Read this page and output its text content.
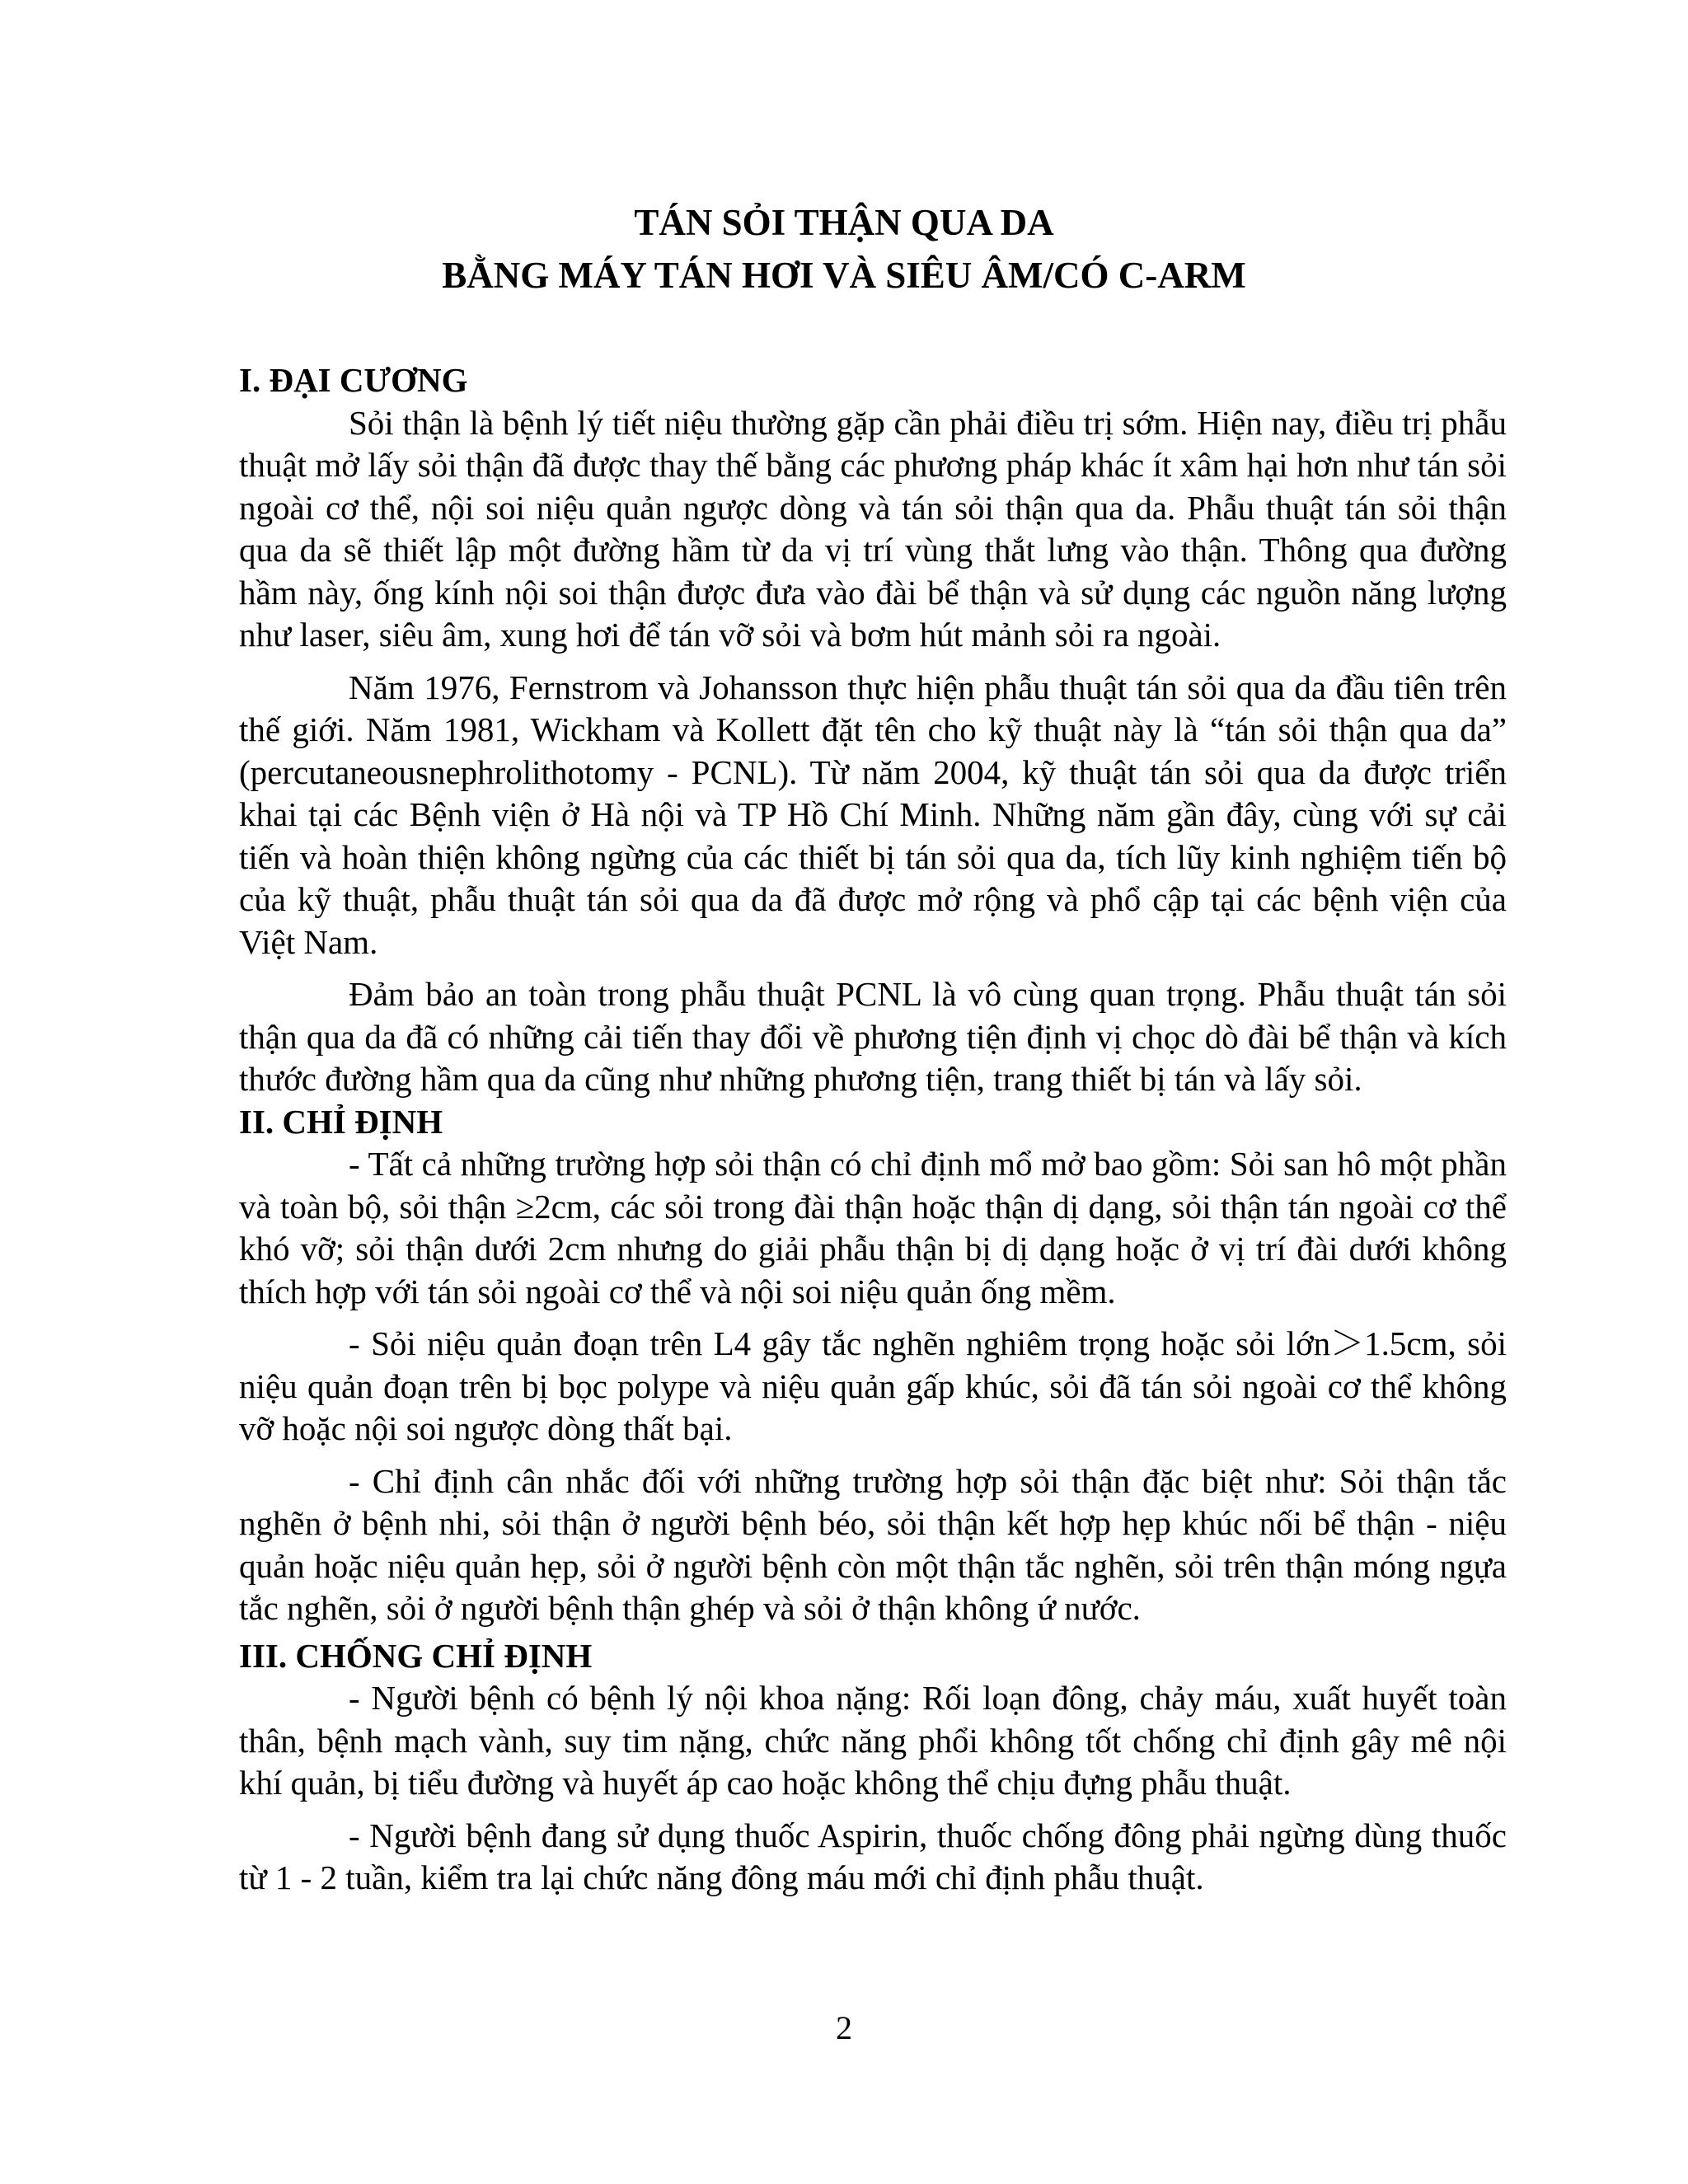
TÁN SỎI THẬN QUA DA
BẰNG MÁY TÁN HƠI VÀ SIÊU ÂM/CÓ C-ARM

I. ĐẠI CƯƠNG

Sỏi thận là bệnh lý tiết niệu thường gặp cần phải điều trị sớm. Hiện nay, điều trị phẫu thuật mở lấy sỏi thận đã được thay thế bằng các phương pháp khác ít xâm hại hơn như tán sỏi ngoài cơ thể, nội soi niệu quản ngược dòng và tán sỏi thận qua da. Phẫu thuật tán sỏi thận qua da sẽ thiết lập một đường hầm từ da vị trí vùng thắt lưng vào thận. Thông qua đường hầm này, ống kính nội soi thận được đưa vào đài bể thận và sử dụng các nguồn năng lượng như laser, siêu âm, xung hơi để tán vỡ sỏi và bơm hút mảnh sỏi ra ngoài.

Năm 1976, Fernstrom và Johansson thực hiện phẫu thuật tán sỏi qua da đầu tiên trên thế giới. Năm 1981, Wickham và Kollett đặt tên cho kỹ thuật này là “tán sỏi thận qua da” (percutaneousnephrolithotomy - PCNL). Từ năm 2004, kỹ thuật tán sỏi qua da được triển khai tại các Bệnh viện ở Hà nội và TP Hồ Chí Minh. Những năm gần đây, cùng với sự cải tiến và hoàn thiện không ngừng của các thiết bị tán sỏi qua da, tích lũy kinh nghiệm tiến bộ của kỹ thuật, phẫu thuật tán sỏi qua da đã được mở rộng và phổ cập tại các bệnh viện của Việt Nam.

Đảm bảo an toàn trong phẫu thuật PCNL là vô cùng quan trọng. Phẫu thuật tán sỏi thận qua da đã có những cải tiến thay đổi về phương tiện định vị chọc dò đài bể thận và kích thước đường hầm qua da cũng như những phương tiện, trang thiết bị tán và lấy sỏi.

II. CHỈ ĐỊNH

- Tất cả những trường hợp sỏi thận có chỉ định mổ mở bao gồm: Sỏi san hô một phần và toàn bộ, sỏi thận ≥2cm, các sỏi trong đài thận hoặc thận dị dạng, sỏi thận tán ngoài cơ thể khó vỡ; sỏi thận dưới 2cm nhưng do giải phẫu thận bị dị dạng hoặc ở vị trí đài dưới không thích hợp với tán sỏi ngoài cơ thể và nội soi niệu quản ống mềm.

- Sỏi niệu quản đoạn trên L4 gây tắc nghẽn nghiêm trọng hoặc sỏi lớn＞1.5cm, sỏi niệu quản đoạn trên bị bọc polype và niệu quản gấp khúc, sỏi đã tán sỏi ngoài cơ thể không vỡ hoặc nội soi ngược dòng thất bại.

- Chỉ định cân nhắc đối với những trường hợp sỏi thận đặc biệt như: Sỏi thận tắc nghẽn ở bệnh nhi, sỏi thận ở người bệnh béo, sỏi thận kết hợp hẹp khúc nối bể thận - niệu quản hoặc niệu quản hẹp, sỏi ở người bệnh còn một thận tắc nghẽn, sỏi trên thận móng ngựa tắc nghẽn, sỏi ở người bệnh thận ghép và sỏi ở thận không ứ nước.

III. CHỐNG CHỈ ĐỊNH

- Người bệnh có bệnh lý nội khoa nặng: Rối loạn đông, chảy máu, xuất huyết toàn thân, bệnh mạch vành, suy tim nặng, chức năng phổi không tốt chống chỉ định gây mê nội khí quản, bị tiểu đường và huyết áp cao hoặc không thể chịu đựng phẫu thuật.

- Người bệnh đang sử dụng thuốc Aspirin, thuốc chống đông phải ngừng dùng thuốc từ 1 - 2 tuần, kiểm tra lại chức năng đông máu mới chỉ định phẫu thuật.

2
